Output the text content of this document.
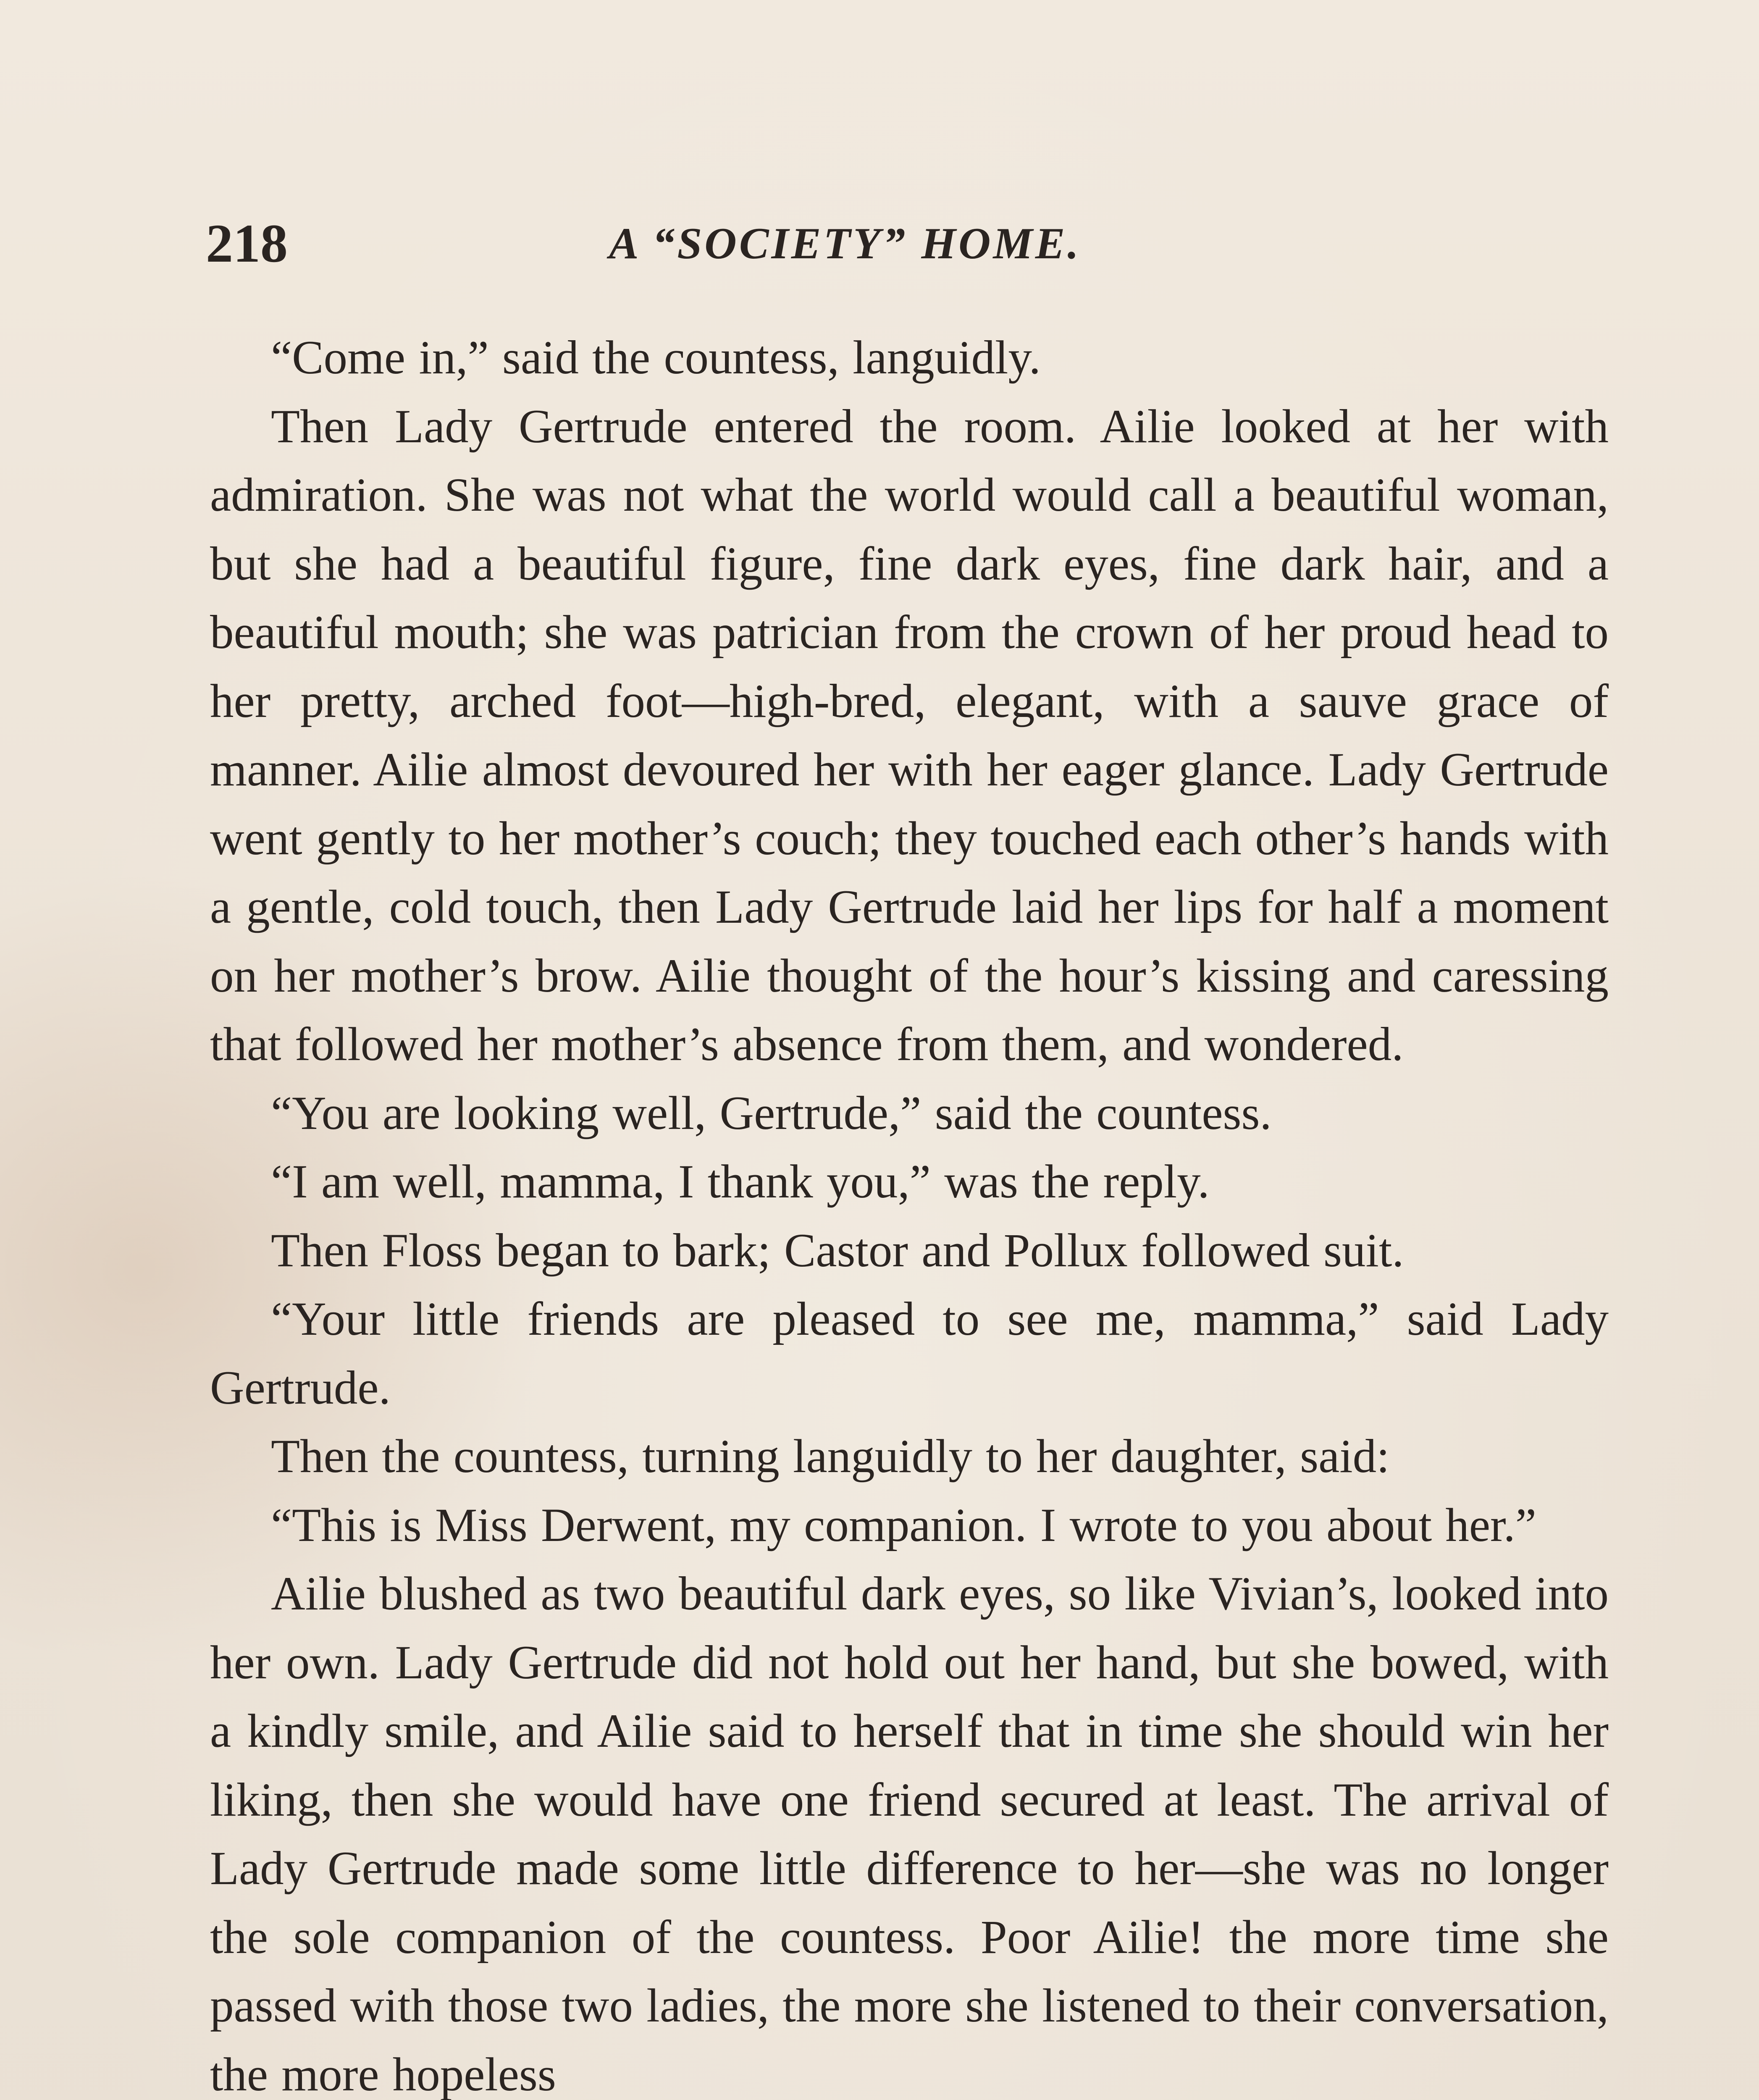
218	A “SOCIETY” HOME.

“Come in,” said the countess, languidly.

Then Lady Gertrude entered the room. Ailie looked at her with admiration. She was not what the world would call a beautiful woman, but she had a beautiful figure, fine dark eyes, fine dark hair, and a beautiful mouth; she was patrician from the crown of her proud head to her pretty, arched foot—high-bred, elegant, with a sauve grace of manner. Ailie almost devoured her with her eager glance. Lady Gertrude went gently to her mother’s couch; they touched each other’s hands with a gentle, cold touch, then Lady Gertrude laid her lips for half a moment on her mother’s brow. Ailie thought of the hour’s kissing and caressing that followed her mother’s absence from them, and wondered.

“You are looking well, Gertrude,” said the countess.

“I am well, mamma, I thank you,” was the reply.

Then Floss began to bark; Castor and Pollux followed suit.

“Your little friends are pleased to see me, mamma,” said Lady Gertrude.

Then the countess, turning languidly to her daughter, said:

“This is Miss Derwent, my companion. I wrote to you about her.”

Ailie blushed as two beautiful dark eyes, so like Vivian’s, looked into her own. Lady Gertrude did not hold out her hand, but she bowed, with a kindly smile, and Ailie said to herself that in time she should win her liking, then she would have one friend secured at least. The arrival of Lady Gertrude made some little difference to her—she was no longer the sole companion of the countess. Poor Ailie! the more time she passed with those two ladies, the more she listened to their conversation, the more hopeless
